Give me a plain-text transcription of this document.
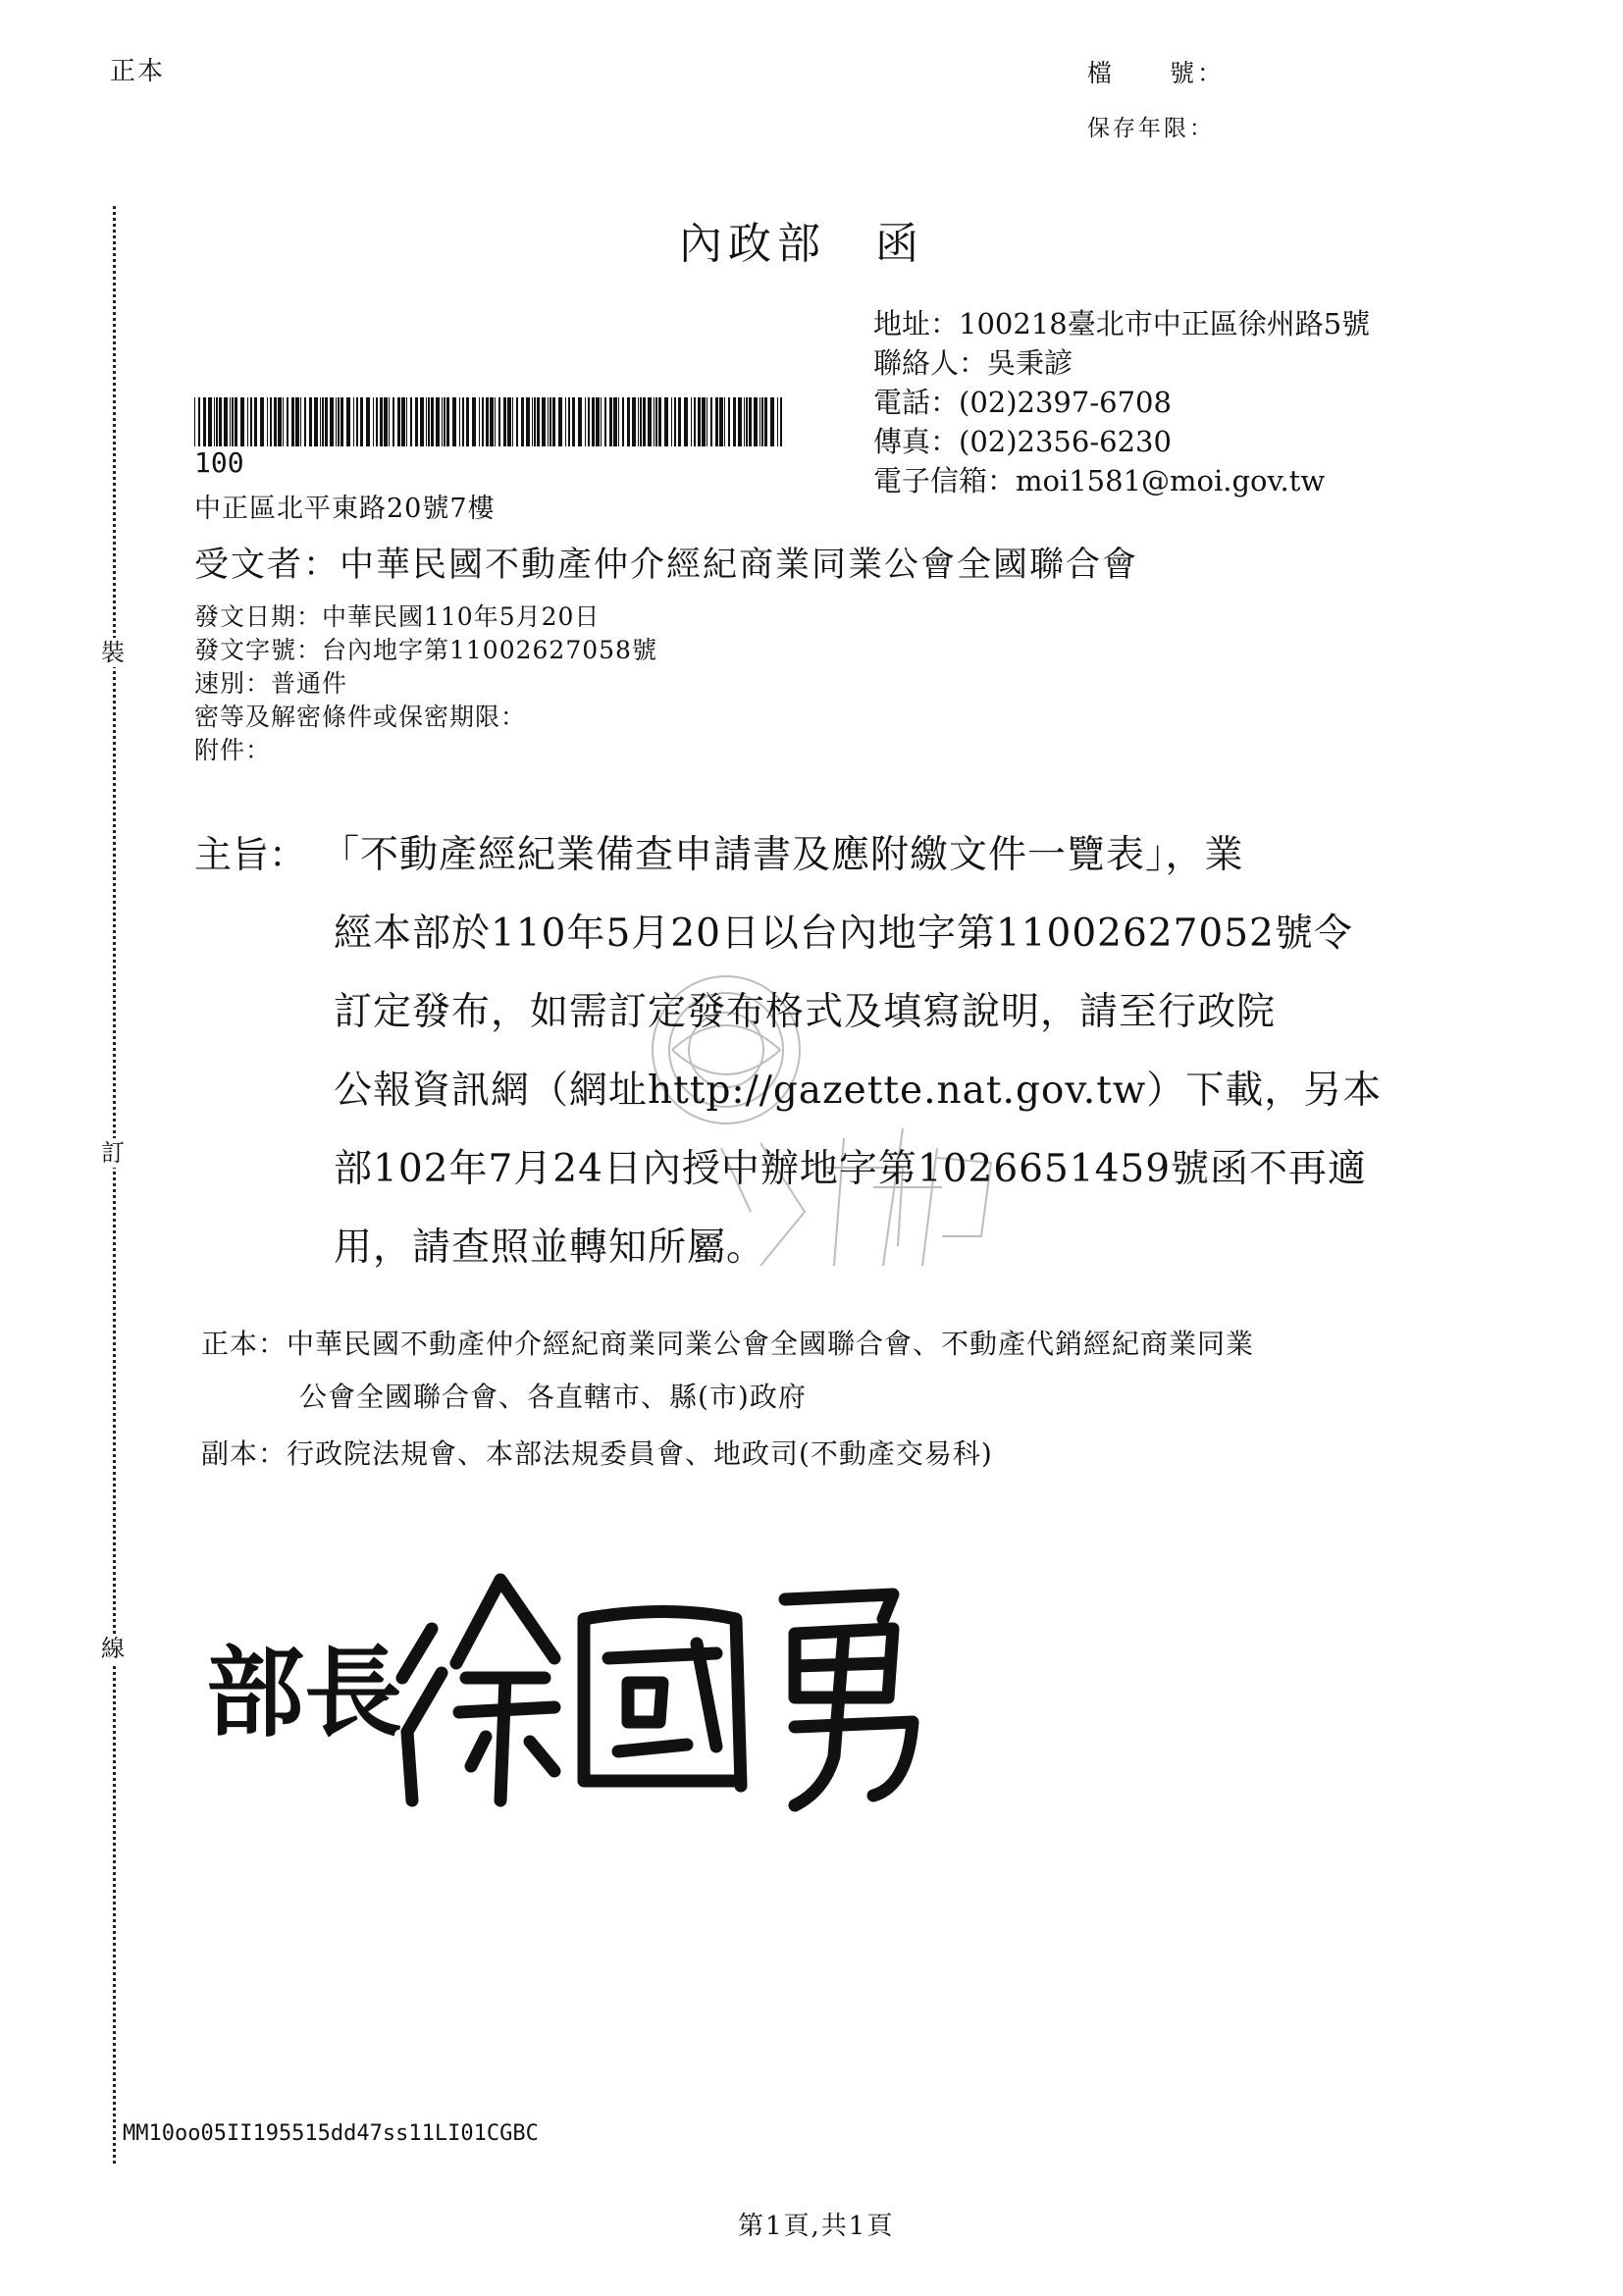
正本	檔　　號：
保存年限：
裝
訂
線
內政部　函
地址：100218臺北市中正區徐州路5號
聯絡人：吳秉諺
電話：(02)2397-6708
傳真：(02)2356-6230
電子信箱：moi1581@moi.gov.tw
100
中正區北平東路20號7樓
受文者：中華民國不動產仲介經紀商業同業公會全國聯合會
發文日期：中華民國110年5月20日
發文字號：台內地字第11002627058號
速別：普通件
密等及解密條件或保密期限：
附件：
主旨： 「不動產經紀業備查申請書及應附繳文件一覽表」，業
經本部於110年5月20日以台內地字第11002627052號令
訂定發布，如需訂定發布格式及填寫說明，請至行政院
公報資訊網（網址http://gazette.nat.gov.tw）下載，另本
部102年7月24日內授中辦地字第1026651459號函不再適
用，請查照並轉知所屬。
正本：中華民國不動產仲介經紀商業同業公會全國聯合會、不動產代銷經紀商業同業
公會全國聯合會、各直轄市、縣(市)政府
副本：行政院法規會、本部法規委員會、地政司(不動產交易科)
部長
MM10oo05II195515dd47ss11LI01CGBC
第1頁,共1頁
